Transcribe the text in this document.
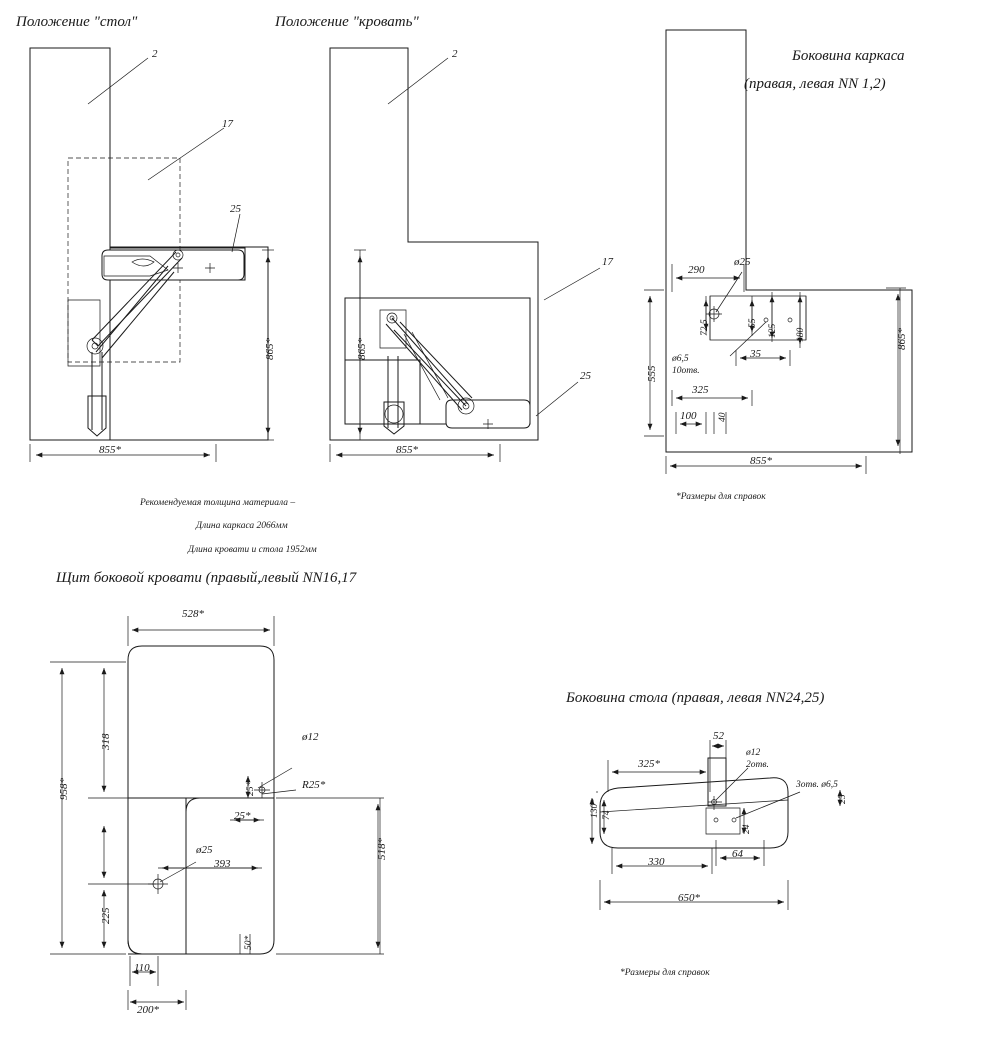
Положение "стол"	Положение "кровать"
Боковина каркаса
(правая, левая NN 1,2)
Щит боковой кровати (правый,левый NN16,17
Боковина стола (правая, левая NN24,25)
Рекомендуемая толщина материала –
Длина каркаса 2066мм
Длина кровати и стола 1952мм
*Размеры для справок
*Размеры для справок
2
17
25
865*
855*
2
17
25
865*
855*
290
ø25
72,5	55
125 180	865*
ø6,5
10отв.
35
555
325
100 40
855*
528*
958*
318
225
110
200*
393
ø12
25*	R25*
25*
ø25	518*
50*
325*
52
ø12
2отв.
3отв. ø6,5
130* 74
24
25
330
64
650*
